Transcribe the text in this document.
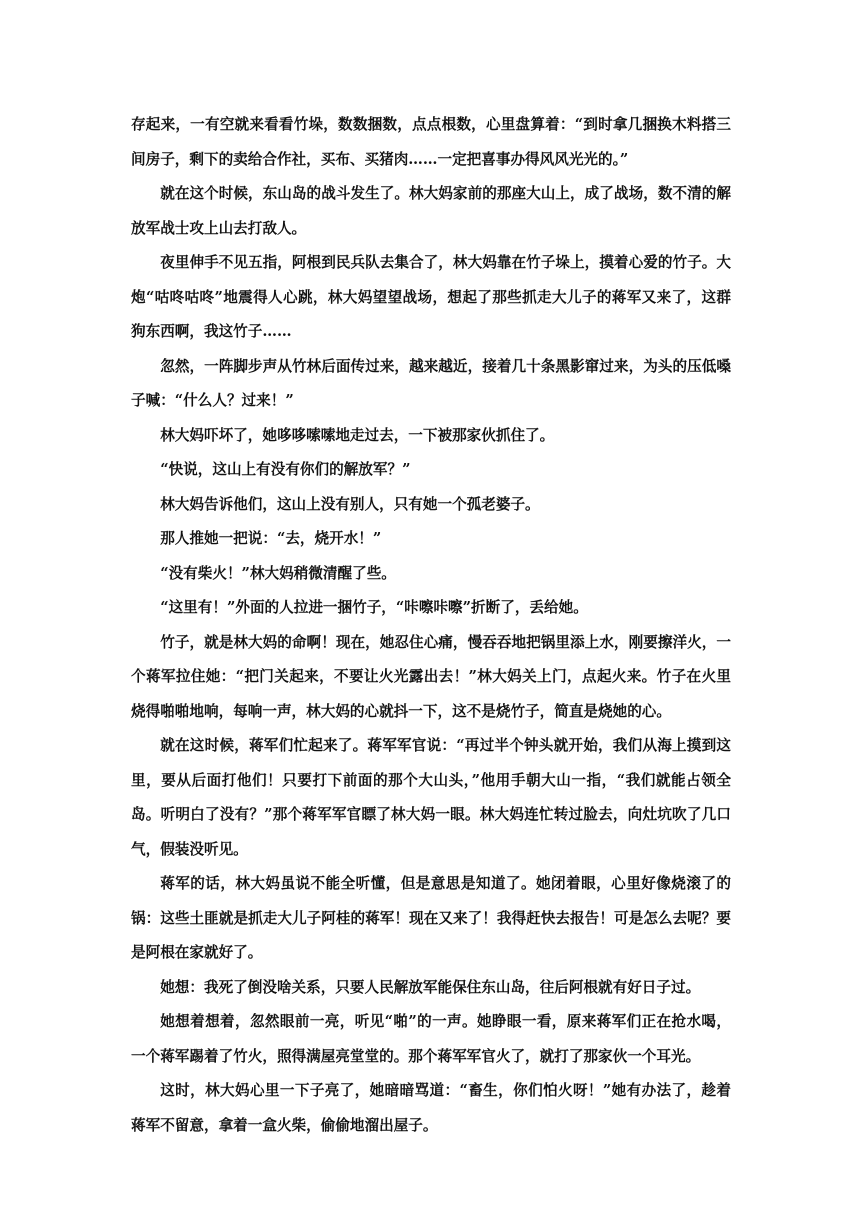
存起来，一有空就来看看竹垛，数数捆数，点点根数，心里盘算着：“到时拿几捆换木料搭三间房子，剩下的卖给合作社，买布、买猪肉……一定把喜事办得风风光光的。”

就在这个时候，东山岛的战斗发生了。林大妈家前的那座大山上，成了战场，数不清的解放军战士攻上山去打敌人。

夜里伸手不见五指，阿根到民兵队去集合了，林大妈靠在竹子垛上，摸着心爱的竹子。大炮“咕咚咕咚”地震得人心跳，林大妈望望战场，想起了那些抓走大儿子的蒋军又来了，这群狗东西啊，我这竹子……

忽然，一阵脚步声从竹林后面传过来，越来越近，接着几十条黑影窜过来，为头的压低嗓子喊：“什么人？过来！”

林大妈吓坏了，她哆哆嗦嗦地走过去，一下被那家伙抓住了。

“快说，这山上有没有你们的解放军？”

林大妈告诉他们，这山上没有别人，只有她一个孤老婆子。

那人推她一把说：“去，烧开水！”

“没有柴火！”林大妈稍微清醒了些。

“这里有！”外面的人拉进一捆竹子，“咔嚓咔嚓”折断了，丢给她。

竹子，就是林大妈的命啊！现在，她忍住心痛，慢吞吞地把锅里添上水，刚要擦洋火，一个蒋军拉住她：“把门关起来，不要让火光露出去！”林大妈关上门，点起火来。竹子在火里烧得啪啪地响，每响一声，林大妈的心就抖一下，这不是烧竹子，简直是烧她的心。

就在这时候，蒋军们忙起来了。蒋军军官说：“再过半个钟头就开始，我们从海上摸到这里，要从后面打他们！只要打下前面的那个大山头，”他用手朝大山一指，“我们就能占领全岛。听明白了没有？”那个蒋军军官瞟了林大妈一眼。林大妈连忙转过脸去，向灶坑吹了几口气，假装没听见。

蒋军的话，林大妈虽说不能全听懂，但是意思是知道了。她闭着眼，心里好像烧滚了的锅：这些土匪就是抓走大儿子阿桂的蒋军！现在又来了！我得赶快去报告！可是怎么去呢？要是阿根在家就好了。

她想：我死了倒没啥关系，只要人民解放军能保住东山岛，往后阿根就有好日子过。

她想着想着，忽然眼前一亮，听见“啪”的一声。她睁眼一看，原来蒋军们正在抢水喝，一个蒋军踢着了竹火，照得满屋亮堂堂的。那个蒋军军官火了，就打了那家伙一个耳光。

这时，林大妈心里一下子亮了，她暗暗骂道：“畜生，你们怕火呀！”她有办法了，趁着蒋军不留意，拿着一盒火柴，偷偷地溜出屋子。
